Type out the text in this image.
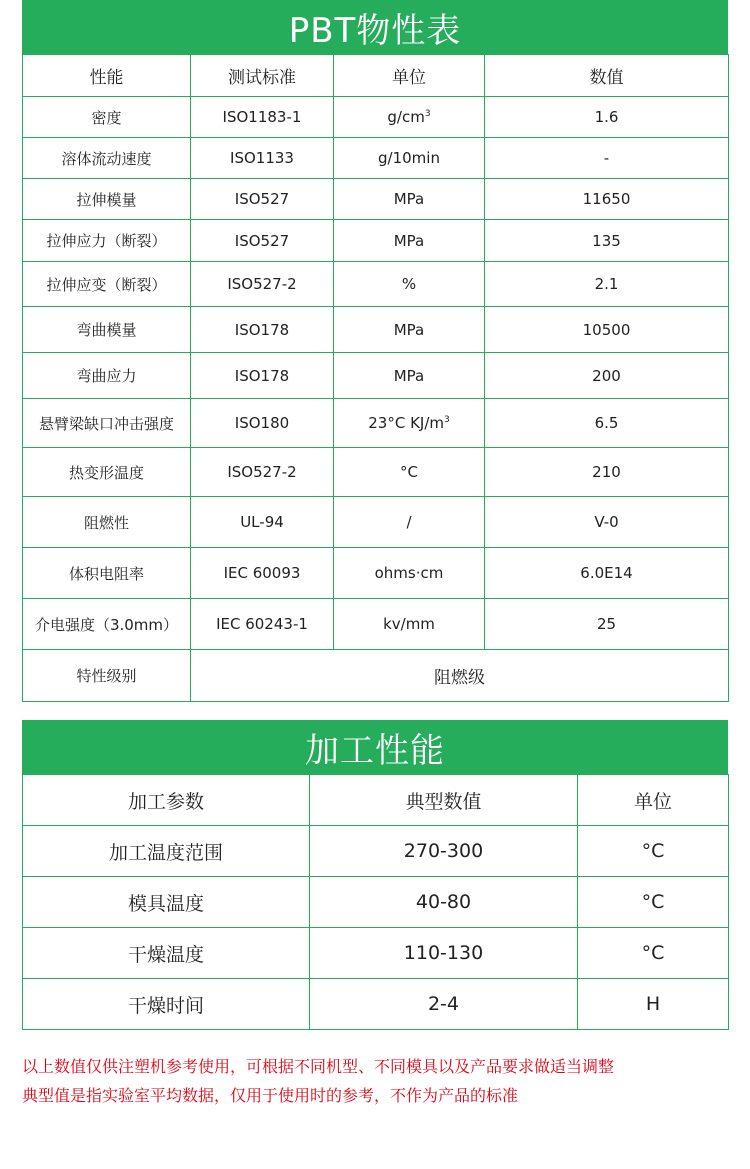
PBT物性表
性能	测试标准	单位	数值
密度	ISO1183-1	$g/cm^3$	1.6
溶体流动速度	ISO1133	g/10min	-
拉伸模量	ISO527	MPa	11650
拉伸应力（断裂）	ISO527	MPa	135
拉伸应变（断裂）	ISO527-2	%	2.1
弯曲模量	ISO178	MPa	10500
弯曲应力	ISO178	MPa	200
悬臂梁缺口冲击强度	ISO180	23°C $KJ/m^3$	6.5
热变形温度	ISO527-2	°C	210
阻燃性	UL-94	/	V-0
体积电阻率	IEC 60093	ohms·cm	6.0E14
介电强度（3.0mm）	IEC 60243-1	kv/mm	25
特性级别	阻燃级		
加工性能
加工参数	典型数值	单位
加工温度范围	270-300	°C
模具温度	40-80	°C
干燥温度	110-130	°C
干燥时间	2-4	H
以上数值仅供注塑机参考使用，可根据不同机型、不同模具以及产品要求做适当调整
典型值是指实验室平均数据，仅用于使用时的参考，不作为产品的标准
